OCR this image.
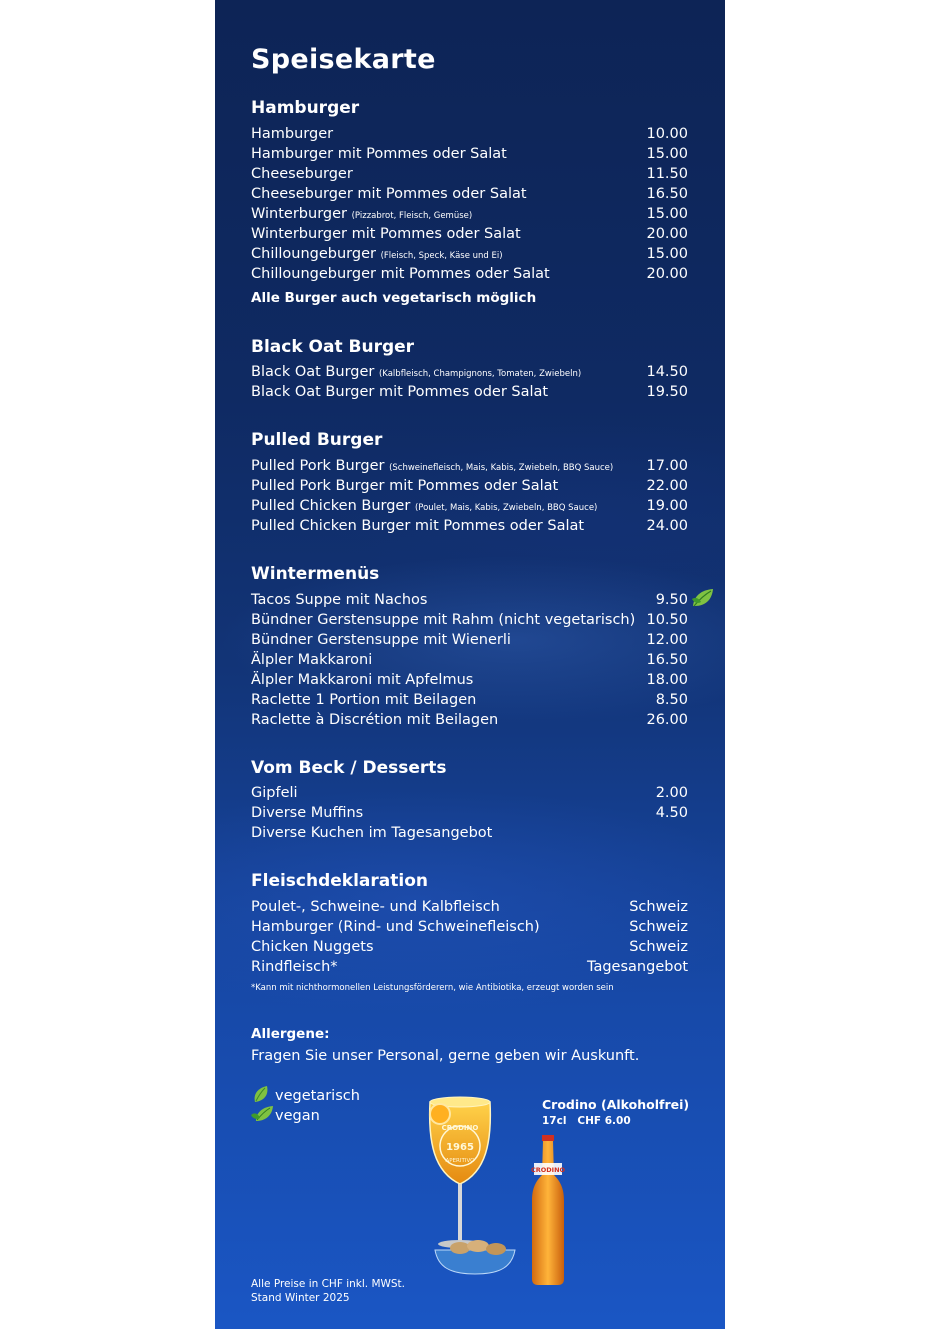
Speisekarte
Hamburger
Hamburger	10.00
Hamburger mit Pommes oder Salat	15.00
Cheeseburger	11.50
Cheeseburger mit Pommes oder Salat	16.50
Winterburger (Pizzabrot, Fleisch, Gemüse)	15.00
Winterburger mit Pommes oder Salat	20.00
Chilloungeburger (Fleisch, Speck, Käse und Ei)	15.00
Chilloungeburger mit Pommes oder Salat	20.00
Alle Burger auch vegetarisch möglich
Black Oat Burger
Black Oat Burger (Kalbfleisch, Champignons, Tomaten, Zwiebeln)	14.50
Black Oat Burger mit Pommes oder Salat	19.50
Pulled Burger
Pulled Pork Burger (Schweinefleisch, Mais, Kabis, Zwiebeln, BBQ Sauce) 17.00
Pulled Pork Burger mit Pommes oder Salat	22.00
Pulled Chicken Burger (Poulet, Mais, Kabis, Zwiebeln, BBQ Sauce)	19.00
Pulled Chicken Burger mit Pommes oder Salat	24.00
Wintermenüs
Tacos Suppe mit Nachos	9.50
Bündner Gerstensuppe mit Rahm (nicht vegetarisch) 10.50
Bündner Gerstensuppe mit Wienerli	12.00
Älpler Makkaroni	16.50
Älpler Makkaroni mit Apfelmus	18.00
Raclette 1 Portion mit Beilagen	8.50
Raclette à Discrétion mit Beilagen	26.00
Vom Beck / Desserts
Gipfeli	2.00
Diverse Muffins	4.50
Diverse Kuchen im Tagesangebot
Fleischdeklaration
Poulet-, Schweine- und Kalbfleisch	Schweiz
Hamburger (Rind- und Schweinefleisch)	Schweiz
Chicken Nuggets	Schweiz
Rindfleisch*	Tagesangebot
*Kann mit nichthormonellen Leistungsförderern, wie Antibiotika, erzeugt worden sein
Allergene:
Fragen Sie unser Personal, gerne geben wir Auskunft.
vegetarisch
vegan
Crodino (Alkoholfrei)
17cl CHF 6.00
CRODINO
1965
APERITIVO
CRODINO
Alle Preise in CHF inkl. MWSt.
Stand Winter 2025
